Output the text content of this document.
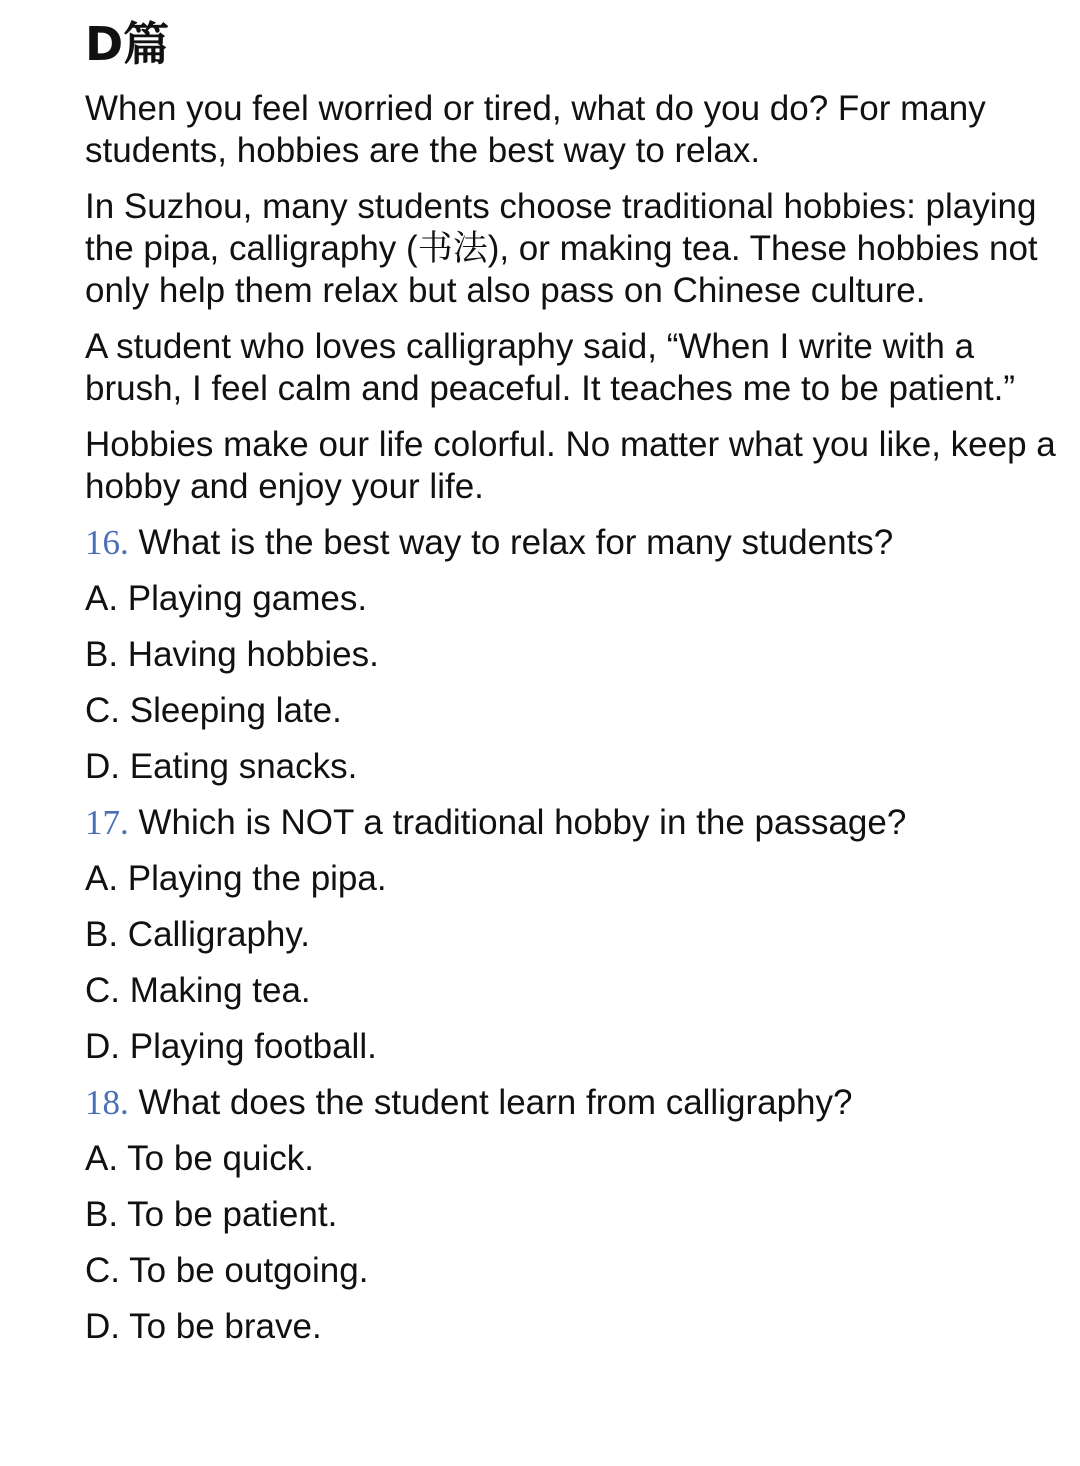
D篇

When you feel worried or tired, what do you do? For many students, hobbies are the best way to relax.

In Suzhou, many students choose traditional hobbies: playing the pipa, calligraphy (书法), or making tea. These hobbies not only help them relax but also pass on Chinese culture.

A student who loves calligraphy said, “When I write with a brush, I feel calm and peaceful. It teaches me to be patient.”

Hobbies make our life colorful. No matter what you like, keep a hobby and enjoy your life.

16. What is the best way to relax for many students?

A. Playing games.

B. Having hobbies.

C. Sleeping late.

D. Eating snacks.

17. Which is NOT a traditional hobby in the passage?

A. Playing the pipa.

B. Calligraphy.

C. Making tea.

D. Playing football.

18. What does the student learn from calligraphy?

A. To be quick.

B. To be patient.

C. To be outgoing.

D. To be brave.
